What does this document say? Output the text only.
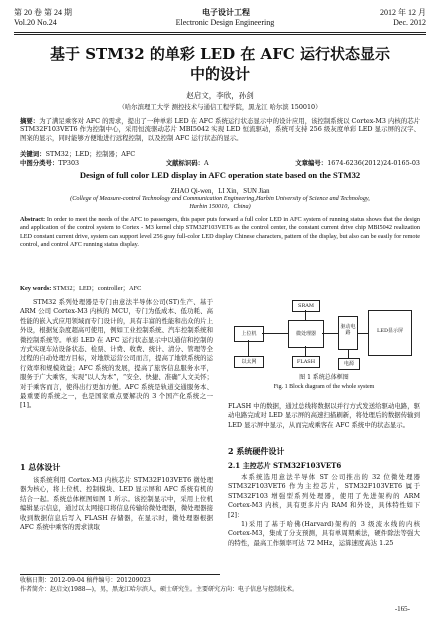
第 20 卷 第 24 期	电子设计工程	2012 年 12 月
Vol.20 No.24	Electronic Design Engineering	Dec. 2012
基于 STM32 的单彩 LED 在 AFC 运行状态显示
中的设计
赵启文，李欣，孙剑
（哈尔滨理工大学 测控技术与通信工程学院，黑龙江 哈尔滨 150010）
摘要：为了满足乘客对 AFC 的需求，提出了一种单彩 LED 在 AFC 系统运行状态显示中的设计应用，该控制系统以 Cortex-M3 内核的芯片 STM32F103VET6 作为控制中心，采用恒流驱动芯片 MBI5042 实现 LED 恒流驱动，系统可支持 256 级灰度单彩 LED 显示屏的汉字、图案的显示，同时能够方便地进行远程控制，以及控制 AFC 运行状态的显示。
关键词：STM32；LED；控制器；AFC
中图分类号：TP303	文献标识码：A	文章编号：1674-6236(2012)24-0165-03
Design of full color LED display in AFC operation state based on the STM32
ZHAO Qi-wen，LI Xin，SUN Jian
(College of Measure-control Technology and Communication Engineering,Harbin University of Science and Technology,
Harbin 150010，China)
Abstract: In order to meet the needs of the AFC to passengers, this paper puts forward a full color LED in AFC system of running status shows that the design and application of the control system to Cortex - M3 kernel chip STM32F103VET6 as the control center, the constant current drive chip MBI5042 realization LED constant current drive, system can support level 256 gray full-color LED display Chinese characters, pattern of the display, but also can be easily for remote control, and control AFC running status display.
Key words: STM32；LED；controller；AFC
STM32 系列处理器是专门由意法半导体公司(ST)生产、基于 ARM 公司 Cortex-M3 内核的 MCU，专门为低成本、低功耗、高性能的嵌入式应用领域而专门设计的，具有丰富的性能和出众的片上外设，根据复杂度超高可使用，例如工业控制系统、汽车控制系统和微控制系统等。单彩 LED 在 AFC 运行状态显示中以通信和控制的方式实现车站设备状态、检票、计费、收费、统计、清分、管理等全过程的自动处理方目标，对地铁运营公司而言，提高了地铁系统的运行效率和规模效益；AFC 系统的发展，提高了旅客信息服务水平，服务于广大乘客，实现“以人为本”，“安全、快捷、准确”人文关怀；对于乘客而言，使得出行更加方便。AFC 系统是轨道交通服务本、最重要的系统之一，也是国家重点要解决的 3 个国产化系统之一[1]。
1 总体设计
该系统利用 Cortex-M3 内核芯片 STM32F103VET6 微处理器为核心，将上位机、控制模块、LED 显示屏和 AFC 系统有机的结合一起。系统总体框图如图 1 所示。该控制显示中，采用上位机编辑显示信息，通过以太网接口将信息传输给微处理器，微处理器接收到数据信息后写入 FLASH 存储器，在显示时，微处理器根据 AFC 系统中乘客的需求读取
SRAM
上位机	微处理器
驱动电路	LED显示屏
FLASH
以太网	电源
图 1 系统总体框图
Fig. 1 Block diagram of the whole system
FLASH 中的数据，通过总线将数据以并行方式发送给驱动电路，驱动电路完成对 LED 显示屏的高速扫描刷新，将处理后的数据传输到 LED 显示屏中显示，从而完成乘客在 AFC 系统中的状态显示。
2 系统硬件设计
2.1 主控芯片 STM32F103VET6
本系统选用意法半导体 ST 公司推出的 32 位微处理器 STM32F103VET6 作为主控芯片，STM32F103VET6 属于 STM32F103 增强型系列处理器，使用了先进架构的 ARM Cortex-M3 内核，具有更多片内 RAM 和外设，具体特性如下[2]：
1)采用了基于哈佛(Harvard)架构的 3 级流水线的内核 Cortex-M3，集成了分支预测，具有单周期乘法，硬件除法等强大的特性，最高工作频率可达 72 MHz，运算速度高达 1.25
收稿日期：2012-09-04 稿件编号：201209023
作者简介：赵启文(1988—)，男，黑龙江哈尔滨人，硕士研究生。主要研究方向：电子信息与控制技术。
-165-
